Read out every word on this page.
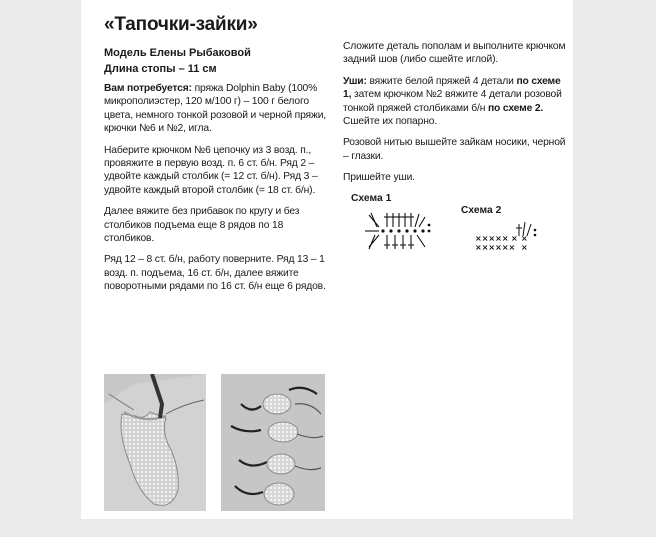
«Тапочки-зайки»
Модель Елены Рыбаковой
Длина стопы – 11 см

Вам потребуется: пряжа Dolphin Baby (100% микрополиэстер, 120 м/100 г) – 100 г белого цвета, немного тонкой розовой и черной пряжи, крючки №6 и №2, игла.

Наберите крючком №6 цепочку из 3 возд. п., провяжите в первую возд. п. 6 ст. б/н. Ряд 2 – удвойте каждый столбик (= 12 ст. б/н). Ряд 3 – удвойте каждый второй столбик (= 18 ст. б/н).

Далее вяжите без прибавок по кругу и без столбиков подъема еще 8 рядов по 18 столбиков.

Ряд 12 – 8 ст. б/н, работу поверните. Ряд 13 – 1 возд. п. подъема, 16 ст. б/н, далее вяжите поворотными рядами по 16 ст. б/н еще 6 рядов.

Сложите деталь пополам и выполните крючком задний шов (либо сшейте иглой).

Уши: вяжите белой пряжей 4 детали по схеме 1, затем крючком №2 вяжите 4 детали розовой тонкой пряжей столбиками б/н по схеме 2. Сшейте их попарно.

Розовой нитью вышейте зайкам носики, черной – глазки.

Пришейте уши.

Схема 1
Схема 2
××××× × ×
×××××× ×
